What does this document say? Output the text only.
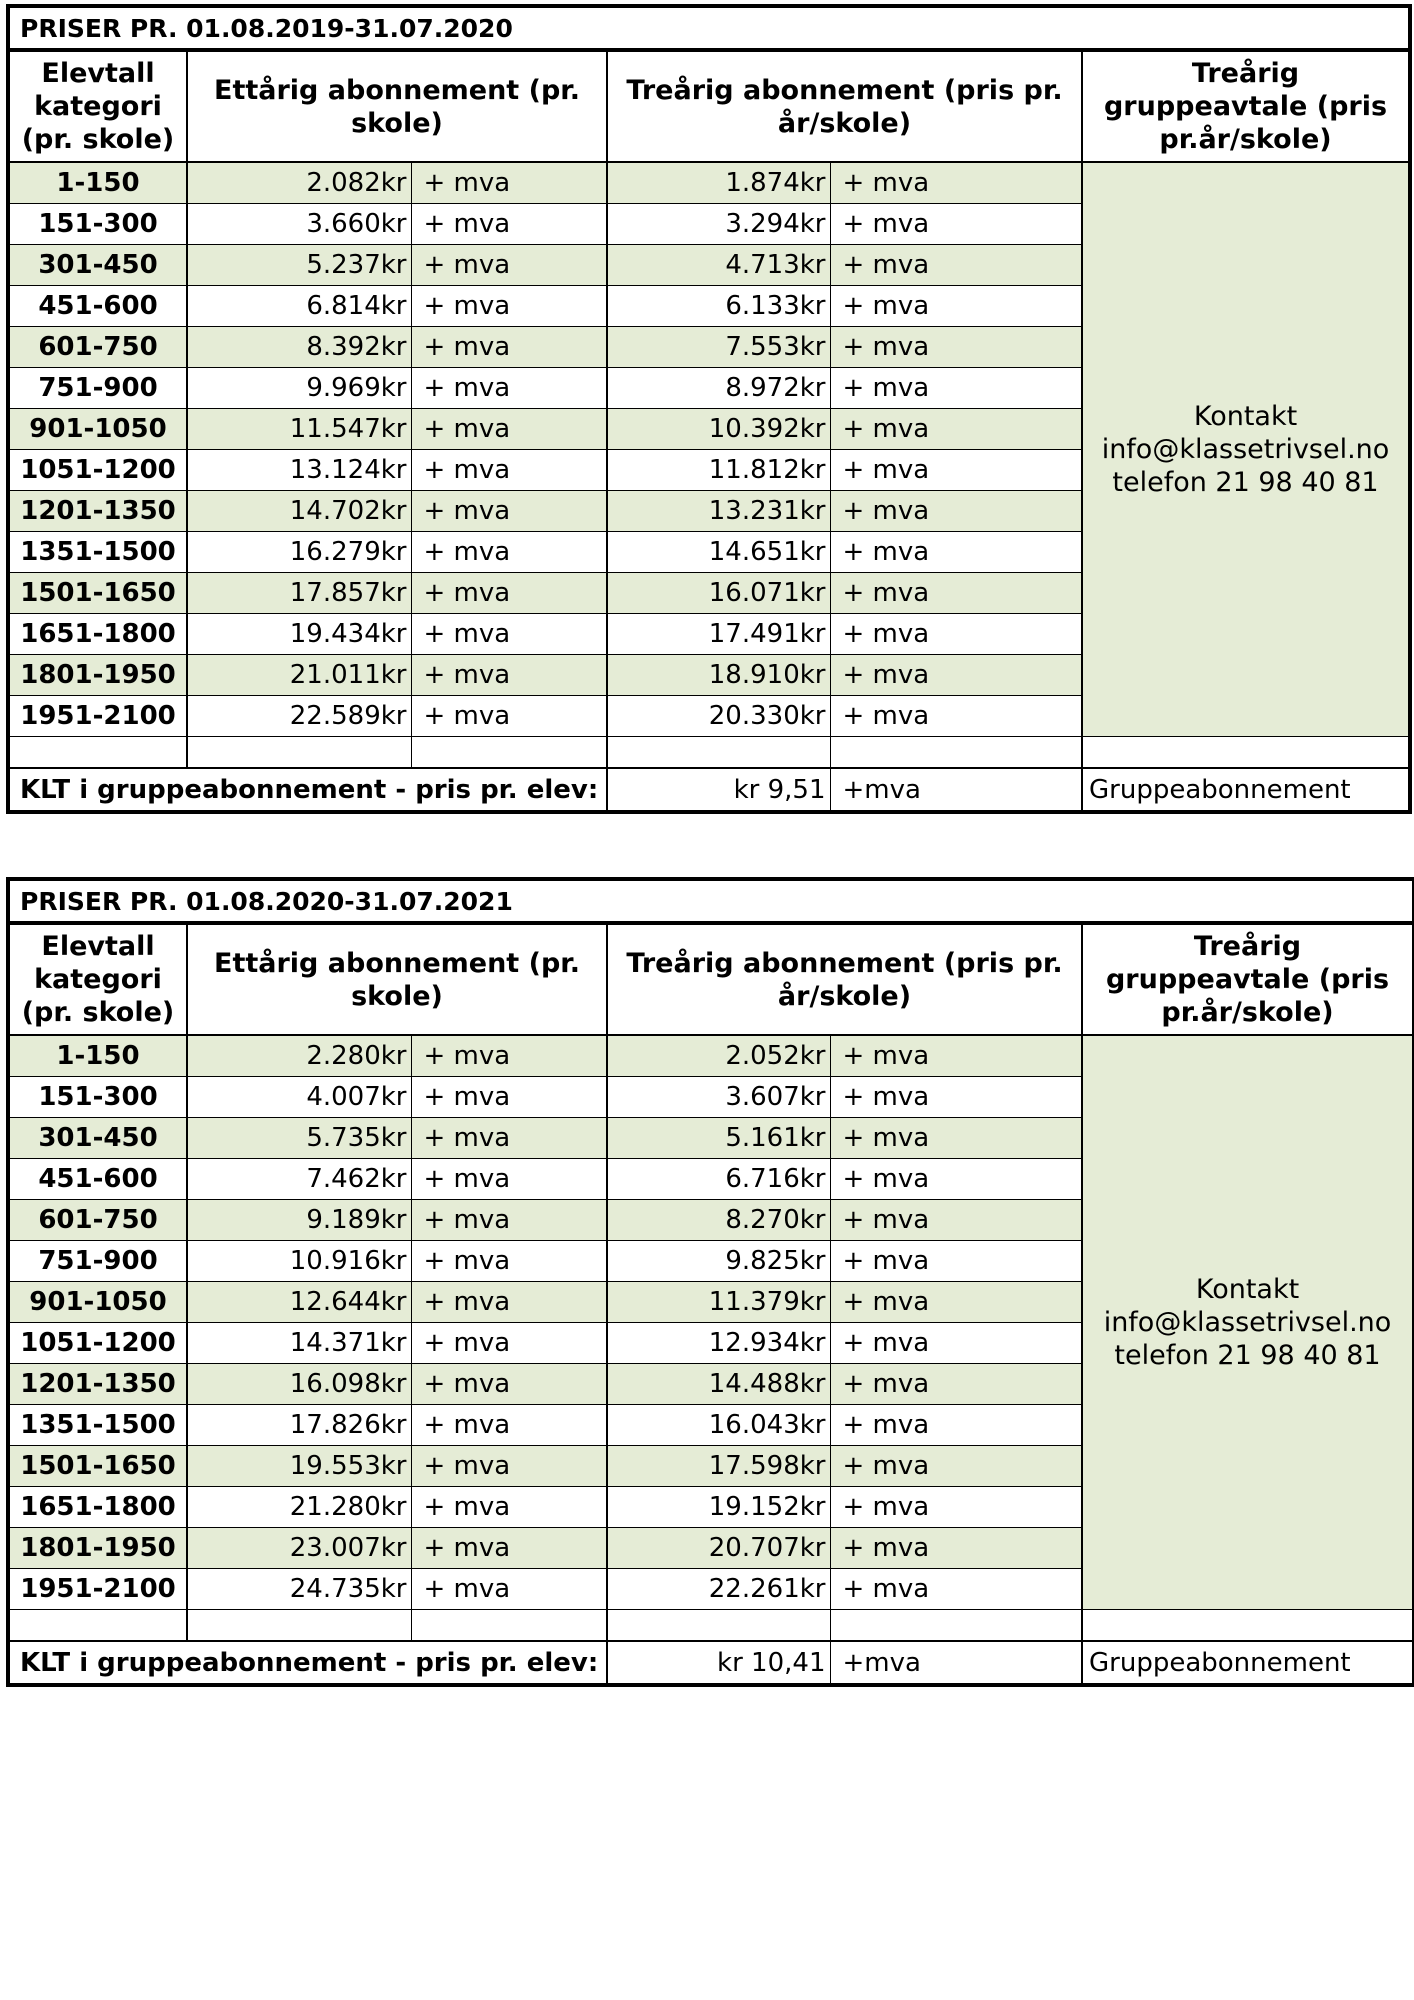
PRISER PR. 01.08.2019-31.07.2020					
Elevtall kategori (pr. skole)	Ettårig abonnement (pr. skole)		Treårig abonnement (pris pr. år/skole)		Treårig gruppeavtale (pris pr.år/skole)
1-150	2.082kr	+ mva	1.874kr	+ mva	Kontakt
info@klassetrivsel.no
telefon 21 98 40 81

151-300	3.660kr	+ mva	3.294kr	+ mva	
301-450	5.237kr	+ mva	4.713kr	+ mva	
451-600	6.814kr	+ mva	6.133kr	+ mva	
601-750	8.392kr	+ mva	7.553kr	+ mva	
751-900	9.969kr	+ mva	8.972kr	+ mva	
901-1050	11.547kr	+ mva	10.392kr	+ mva	
1051-1200	13.124kr	+ mva	11.812kr	+ mva	
1201-1350	14.702kr	+ mva	13.231kr	+ mva	
1351-1500	16.279kr	+ mva	14.651kr	+ mva	
1501-1650	17.857kr	+ mva	16.071kr	+ mva	
1651-1800	19.434kr	+ mva	17.491kr	+ mva	
1801-1950	21.011kr	+ mva	18.910kr	+ mva	
1951-2100	22.589kr	+ mva	20.330kr	+ mva	

KLT i gruppeabonnement - pris pr. elev:			kr 9,51	+mva	Gruppeabonnement
PRISER PR. 01.08.2020-31.07.2021					
Elevtall kategori (pr. skole)	Ettårig abonnement (pr. skole)		Treårig abonnement (pris pr. år/skole)		Treårig gruppeavtale (pris pr.år/skole)
1-150	2.280kr	+ mva	2.052kr	+ mva	Kontakt
info@klassetrivsel.no
telefon 21 98 40 81

151-300	4.007kr	+ mva	3.607kr	+ mva	
301-450	5.735kr	+ mva	5.161kr	+ mva	
451-600	7.462kr	+ mva	6.716kr	+ mva	
601-750	9.189kr	+ mva	8.270kr	+ mva	
751-900	10.916kr	+ mva	9.825kr	+ mva	
901-1050	12.644kr	+ mva	11.379kr	+ mva	
1051-1200	14.371kr	+ mva	12.934kr	+ mva	
1201-1350	16.098kr	+ mva	14.488kr	+ mva	
1351-1500	17.826kr	+ mva	16.043kr	+ mva	
1501-1650	19.553kr	+ mva	17.598kr	+ mva	
1651-1800	21.280kr	+ mva	19.152kr	+ mva	
1801-1950	23.007kr	+ mva	20.707kr	+ mva	
1951-2100	24.735kr	+ mva	22.261kr	+ mva	

KLT i gruppeabonnement - pris pr. elev:			kr 10,41	+mva	Gruppeabonnement
